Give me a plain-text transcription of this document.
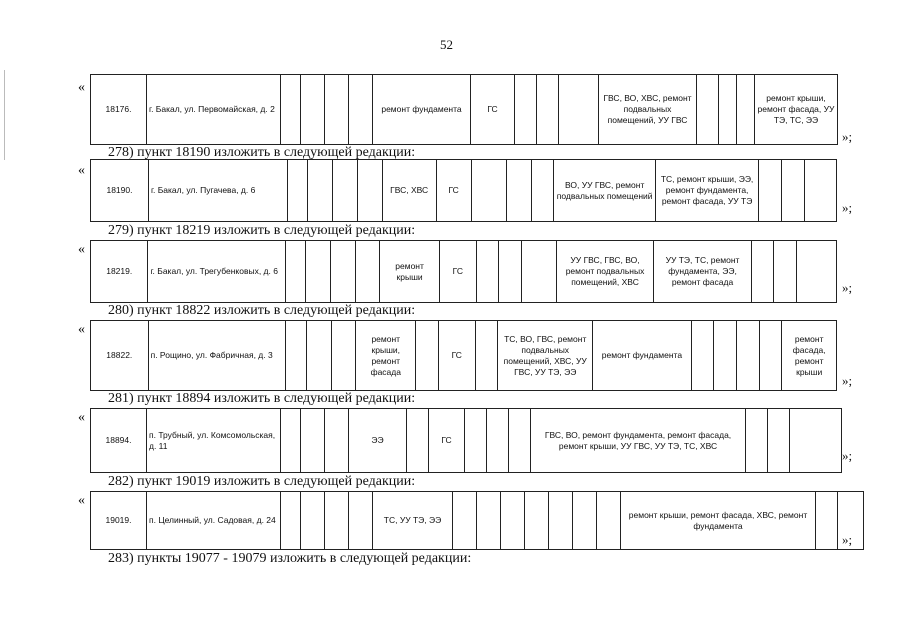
52
«
18176.	г. Бакал, ул. Первомайская, д. 2					ремонт фундамента	ГС				ГВС, ВО, ХВС, ремонт подвальных помещений, УУ ГВС				ремонт крыши, ремонт фасада, УУ ТЭ, ТС, ЭЭ
»;
278) пункт 18190 изложить в следующей редакции:
«
18190.	г. Бакал, ул. Пугачева, д. 6					ГВС, ХВС	ГС				ВО, УУ ГВС, ремонт подвальных помещений	ТС, ремонт крыши, ЭЭ, ремонт фундамента, ремонт фасада, УУ ТЭ				»;
279) пункт 18219 изложить в следующей редакции:
«
18219.	г. Бакал, ул. Трегубенковых, д. 6					ремонт крыши	ГС				УУ ГВС, ГВС, ВО, ремонт подвальных помещений, ХВС	УУ ТЭ, ТС, ремонт фундамента, ЭЭ, ремонт фасада				»;
280) пункт 18822 изложить в следующей редакции:
«
18822.	п. Рощино, ул. Фабричная, д. 3				ремонт крыши, ремонт фасада		ГС		ТС, ВО, ГВС, ремонт подвальных помещений, ХВС, УУ ГВС, УУ ТЭ, ЭЭ	ремонт фундамента					ремонт фасада, ремонт крыши
»;
281) пункт 18894 изложить в следующей редакции:
«
18894.	п. Трубный, ул. Комсомольская, д. 11				ЭЭ		ГС				ГВС, ВО, ремонт фундамента, ремонт фасада, ремонт крыши, УУ ГВС, УУ ТЭ, ТС, ХВС			
»;
282) пункт 19019 изложить в следующей редакции:
«
19019.	п. Целинный, ул. Садовая, д. 24					ТС, УУ ТЭ, ЭЭ								ремонт крыши, ремонт фасада, ХВС, ремонт фундамента		
»;
283) пункты 19077 - 19079 изложить в следующей редакции:
